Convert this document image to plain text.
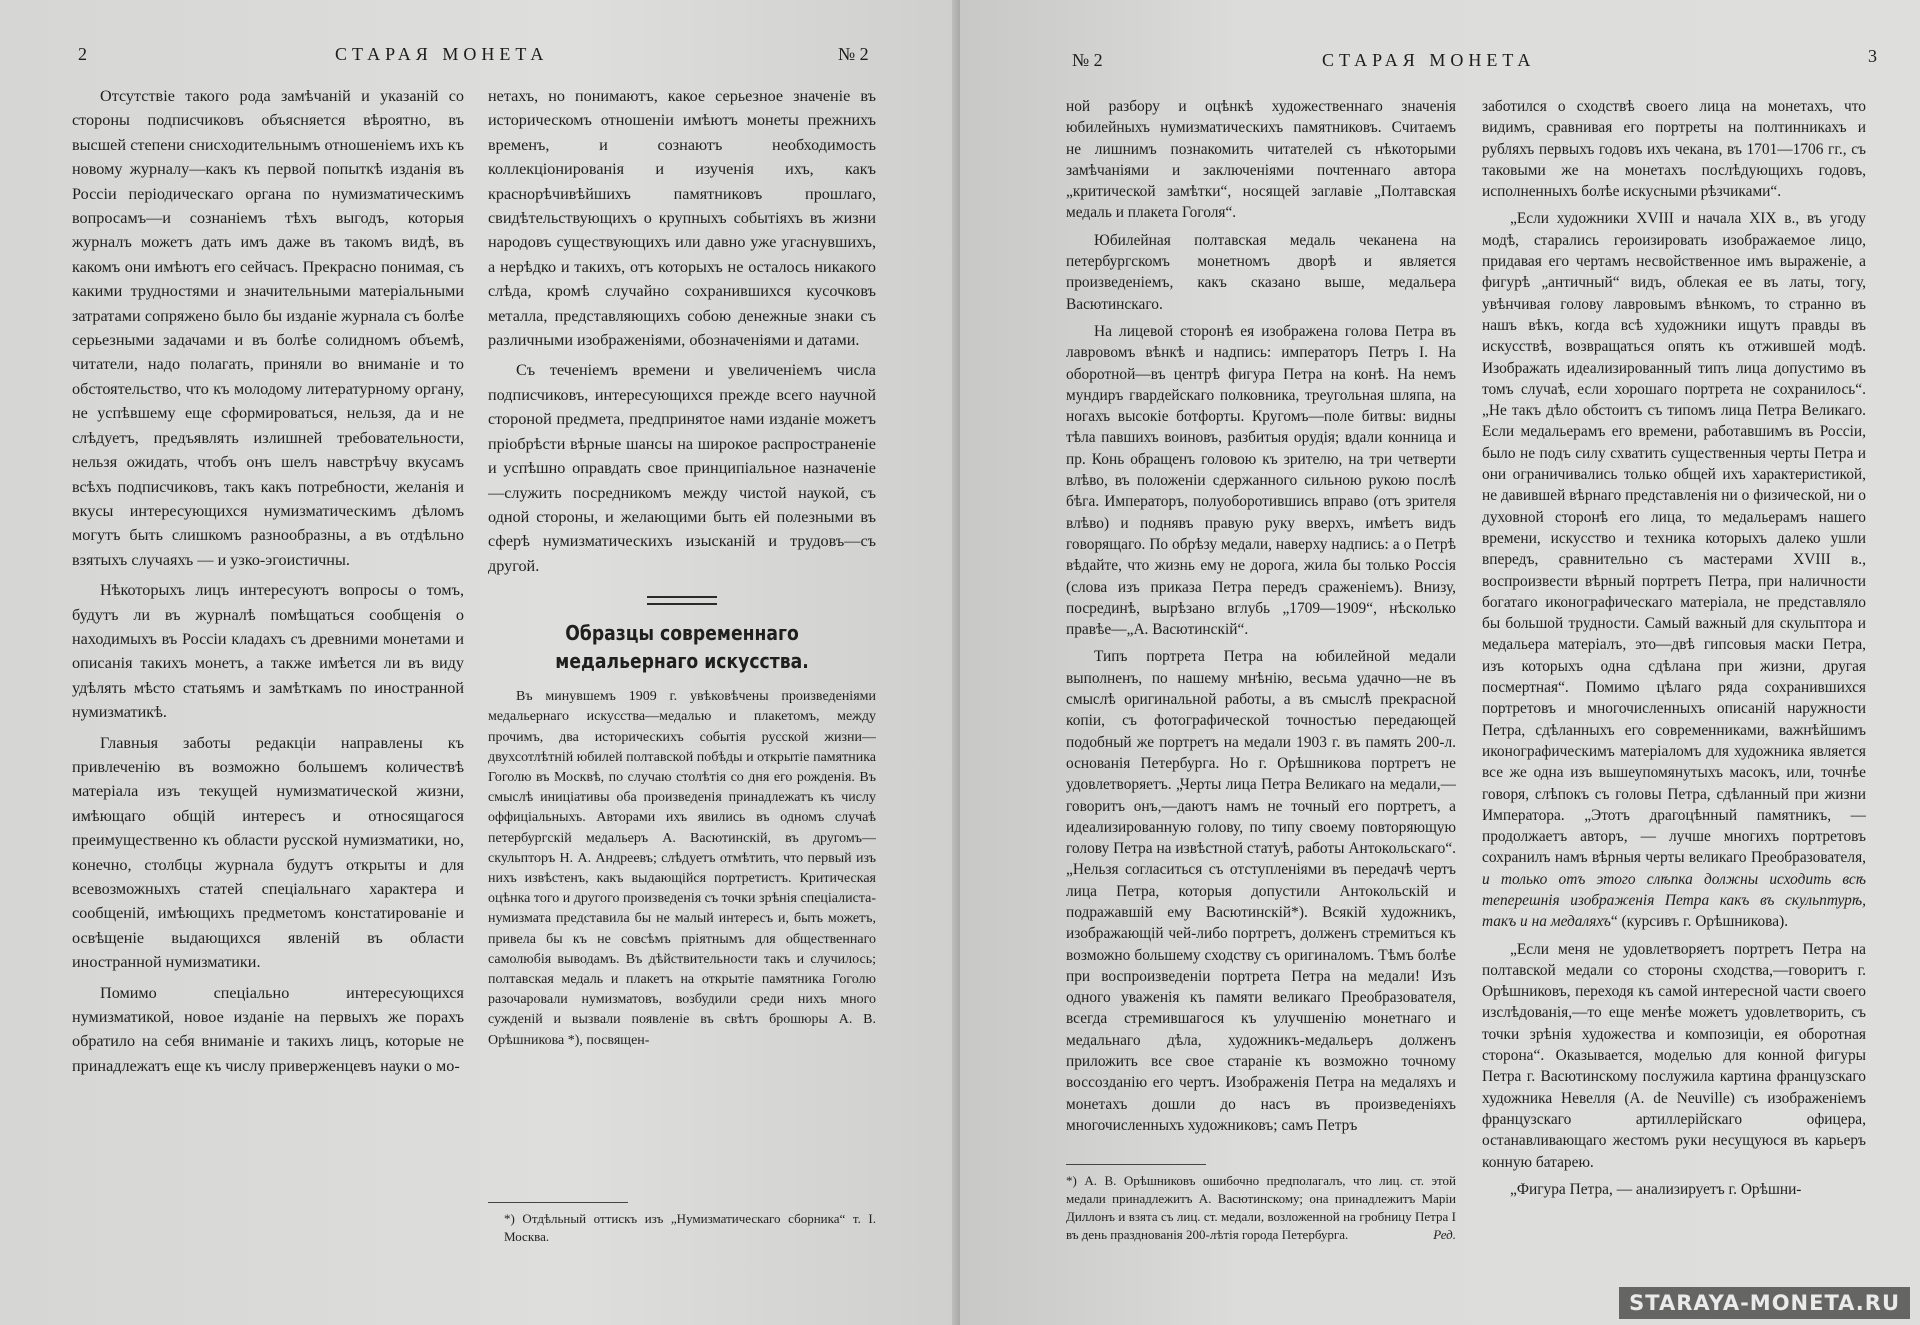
2	СТАРАЯ МОНЕТА	№ 2

Отсутствіе такого рода замѣчаній и указаній со стороны подписчиковъ объясняется вѣроятно, въ высшей степени снисходительнымъ отношеніемъ ихъ къ новому журналу—какъ къ первой попыткѣ изданія въ Россіи періодическаго органа по нумизматическимъ вопросамъ—и сознаніемъ тѣхъ выгодъ, которыя журналъ можетъ дать имъ даже въ такомъ видѣ, въ какомъ они имѣютъ его сейчасъ. Прекрасно понимая, съ какими трудностями и значительными матеріальными затратами сопряжено было бы изданіе журнала съ болѣе серьезными задачами и въ болѣе солидномъ объемѣ, читатели, надо полагать, приняли во вниманіе и то обстоятельство, что къ молодому литературному органу, не успѣвшему еще сформироваться, нельзя, да и не слѣдуетъ, предъявлять излишней требовательности, нельзя ожидать, чтобъ онъ шелъ навстрѣчу вкусамъ всѣхъ подписчиковъ, такъ какъ потребности, желанія и вкусы интересующихся нумизматическимъ дѣломъ могутъ быть слишкомъ разнообразны, а въ отдѣльно взятыхъ случаяхъ — и узко-эгоистичны.

Нѣкоторыхъ лицъ интересуютъ вопросы о томъ, будутъ ли въ журналѣ помѣщаться сообщенія о находимыхъ въ Россіи кладахъ съ древними монетами и описанія такихъ монетъ, а также имѣется ли въ виду удѣлять мѣсто статьямъ и замѣткамъ по иностранной нумизматикѣ.

Главныя заботы редакціи направлены къ привлеченію въ возможно большемъ количествѣ матеріала изъ текущей нумизматической жизни, имѣющаго общій интересъ и относящагося преимущественно къ области русской нумизматики, но, конечно, столбцы журнала будутъ открыты и для всевозможныхъ статей спеціальнаго характера и сообщеній, имѣющихъ предметомъ констатированіе и освѣщеніе выдающихся явленій въ области иностранной нумизматики.

Помимо спеціально интересующихся нумизматикой, новое изданіе на первыхъ же порахъ обратило на себя вниманіе и такихъ лицъ, которые не принадлежатъ еще къ числу приверженцевъ науки о мо-

нетахъ, но понимаютъ, какое серьезное значеніе въ историческомъ отношеніи имѣютъ монеты прежнихъ временъ, и сознаютъ необходимость коллекціонированія и изученія ихъ, какъ краснорѣчивѣйшихъ памятниковъ прошлаго, свидѣтельствующихъ о крупныхъ событіяхъ въ жизни народовъ существующихъ или давно уже угаснувшихъ, а нерѣдко и такихъ, отъ которыхъ не осталось никакого слѣда, кромѣ случайно сохранившихся кусочковъ металла, представляющихъ собою денежные знаки съ различными изображеніями, обозначеніями и датами.

Съ теченіемъ времени и увеличеніемъ числа подписчиковъ, интересующихся прежде всего научной стороной предмета, предпринятое нами изданіе можетъ пріобрѣсти вѣрные шансы на широкое распространеніе и успѣшно оправдать свое принципіальное назначеніе—служить посредникомъ между чистой наукой, съ одной стороны, и желающими быть ей полезными въ сферѣ нумизматическихъ изысканій и трудовъ—съ другой.

Образцы современнаго медальернаго искусства.

Въ минувшемъ 1909 г. увѣковѣчены произведеніями медальернаго искусства—медалью и плакетомъ, между прочимъ, два историческихъ событія русской жизни—двухсотлѣтній юбилей полтавской побѣды и открытіе памятника Гоголю въ Москвѣ, по случаю столѣтія со дня его рожденія. Въ смыслѣ иниціативы оба произведенія принадлежатъ къ числу оффиціальныхъ. Авторами ихъ явились въ одномъ случаѣ петербургскій медальеръ А. Васютинскій, въ другомъ—скульпторъ Н. А. Андреевъ; слѣдуетъ отмѣтить, что первый изъ нихъ извѣстенъ, какъ выдающійся портретистъ. Критическая оцѣнка того и другого произведенія съ точки зрѣнія спеціалиста-нумизмата представила бы не малый интересъ и, быть можетъ, привела бы къ не совсѣмъ пріятнымъ для общественнаго самолюбія выводамъ. Въ дѣйствительности такъ и случилось; полтавская медаль и плакетъ на открытіе памятника Гоголю разочаровали нумизматовъ, возбудили среди нихъ много сужденій и вызвали появленіе въ свѣтъ брошюры А. В. Орѣшникова *), посвящен-

*) Отдѣльный оттискъ изъ „Нумизматическаго сборника“ т. I. Москва.
№ 2	СТАРАЯ МОНЕТА	3

ной разбору и оцѣнкѣ художественнаго значенія юбилейныхъ нумизматическихъ памятниковъ. Считаемъ не лишнимъ познакомить читателей съ нѣкоторыми замѣчаніями и заключеніями почтеннаго автора „критической замѣтки“, носящей заглавіе „Полтавская медаль и плакета Гоголя“.

Юбилейная полтавская медаль чеканена на петербургскомъ монетномъ дворѣ и является произведеніемъ, какъ сказано выше, медальера Васютинскаго.

На лицевой сторонѣ ея изображена голова Петра въ лавровомъ вѣнкѣ и надпись: императоръ Петръ I. На оборотной—въ центрѣ фигура Петра на конѣ. На немъ мундиръ гвардейскаго полковника, треугольная шляпа, на ногахъ высокіе ботфорты. Кругомъ—поле битвы: видны тѣла павшихъ воиновъ, разбитыя орудія; вдали конница и пр. Конь обращенъ головою къ зрителю, на три четверти влѣво, въ положеніи сдержанного сильною рукою послѣ бѣга. Императоръ, полуоборотившись вправо (отъ зрителя влѣво) и поднявъ правую руку вверхъ, имѣетъ видъ говорящаго. По обрѣзу медали, наверху надпись: а о Петрѣ вѣдайте, что жизнь ему не дорога, жила бы только Россія (слова изъ приказа Петра передъ сраженіемъ). Внизу, посрединѣ, вырѣзано вглубь „1709—1909“, нѣсколько правѣе—„А. Васютинскій“.

Типъ портрета Петра на юбилейной медали выполненъ, по нашему мнѣнію, весьма удачно—не въ смыслѣ оригинальной работы, а въ смыслѣ прекрасной копіи, съ фотографической точностью передающей подобный же портретъ на медали 1903 г. въ память 200-л. основанія Петербурга. Но г. Орѣшникова портретъ не удовлетворяетъ. „Черты лица Петра Великаго на медали,—говоритъ онъ,—даютъ намъ не точный его портретъ, а идеализированную голову, по типу своему повторяющую голову Петра на извѣстной статуѣ, работы Антокольскаго“. „Нельзя согласиться съ отступленіями въ передачѣ чертъ лица Петра, которыя допустили Антокольскій и подражавшій ему Васютинскій*). Всякій художникъ, изображающій чей-либо портретъ, долженъ стремиться къ возможно большему сходству съ оригиналомъ. Тѣмъ болѣе при воспроизведеніи портрета Петра на медали! Изъ одного уваженія къ памяти великаго Преобразователя, всегда стремившагося къ улучшенію монетнаго и медальнаго дѣла, художникъ-медальеръ долженъ приложить все свое стараніе къ возможно точному воссозданію его чертъ. Изображенія Петра на медаляхъ и монетахъ дошли до насъ въ произведеніяхъ многочисленныхъ художниковъ; самъ Петръ

*) А. В. Орѣшниковъ ошибочно предполагалъ, что лиц. ст. этой медали принадлежитъ А. Васютинскому; она принадлежитъ Маріи Диллонъ и взята съ лиц. ст. медали, возложенной на гробницу Петра I въ день празднованія 200-лѣтія города Петербурга.	Ред.

заботился о сходствѣ своего лица на монетахъ, что видимъ, сравнивая его портреты на полтинникахъ и рубляхъ первыхъ годовъ ихъ чекана, въ 1701—1706 гг., съ таковыми же на монетахъ послѣдующихъ годовъ, исполненныхъ болѣе искусными рѣзчиками“.

„Если художники XVIII и начала XIX в., въ угоду модѣ, старались героизировать изображаемое лицо, придавая его чертамъ несвойственное имъ выраженіе, а фигурѣ „античный“ видъ, облекая ее въ латы, тогу, увѣнчивая голову лавровымъ вѣнкомъ, то странно въ нашъ вѣкъ, когда всѣ художники ищутъ правды въ искусствѣ, возвращаться опять къ отжившей модѣ. Изображать идеализированный типъ лица допустимо въ томъ случаѣ, если хорошаго портрета не сохранилось“. „Не такъ дѣло обстоитъ съ типомъ лица Петра Великаго. Если медальерамъ его времени, работавшимъ въ Россіи, было не подъ силу схватить существенныя черты Петра и они ограничивались только общей ихъ характеристикой, не давившей вѣрнаго представленія ни о физической, ни о духовной сторонѣ его лица, то медальерамъ нашего времени, искусство и техника которыхъ далеко ушли впередъ, сравнительно съ мастерами XVIII в., воспроизвести вѣрный портретъ Петра, при наличности богатаго иконографическаго матеріала, не представляло бы большой трудности. Самый важный для скульптора и медальера матеріалъ, это—двѣ гипсовыя маски Петра, изъ которыхъ одна сдѣлана при жизни, другая посмертная“. Помимо цѣлаго ряда сохранившихся портретовъ и многочисленныхъ описаній наружности Петра, сдѣланныхъ его современниками, важнѣйшимъ иконографическимъ матеріаломъ для художника является все же одна изъ вышеупомянутыхъ масокъ, или, точнѣе говоря, слѣпокъ съ головы Петра, сдѣланный при жизни Императора. „Этотъ драгоцѣнный памятникъ, — продолжаетъ авторъ, — лучше многихъ портретовъ сохранилъ намъ вѣрныя черты великаго Преобразователя, и только отъ этого слѣпка должны исходить всѣ теперешнія изображенія Петра какъ въ скульптурѣ, такъ и на медаляхъ“ (курсивъ г. Орѣшникова).

„Если меня не удовлетворяетъ портретъ Петра на полтавской медали со стороны сходства,—говоритъ г. Орѣшниковъ, переходя къ самой интересной части своего изслѣдованія,—то еще менѣе можетъ удовлетворить, съ точки зрѣнія художества и композиціи, ея оборотная сторона“. Оказывается, моделью для конной фигуры Петра г. Васютинскому послужила картина французскаго художника Невелля (A. de Neuville) съ изображеніемъ французскаго артиллерійскаго офицера, останавливающаго жестомъ руки несущуюся въ карьеръ конную батарею.

„Фигура Петра, — анализируетъ г. Орѣшни-

STARAYA-MONETA.RU
